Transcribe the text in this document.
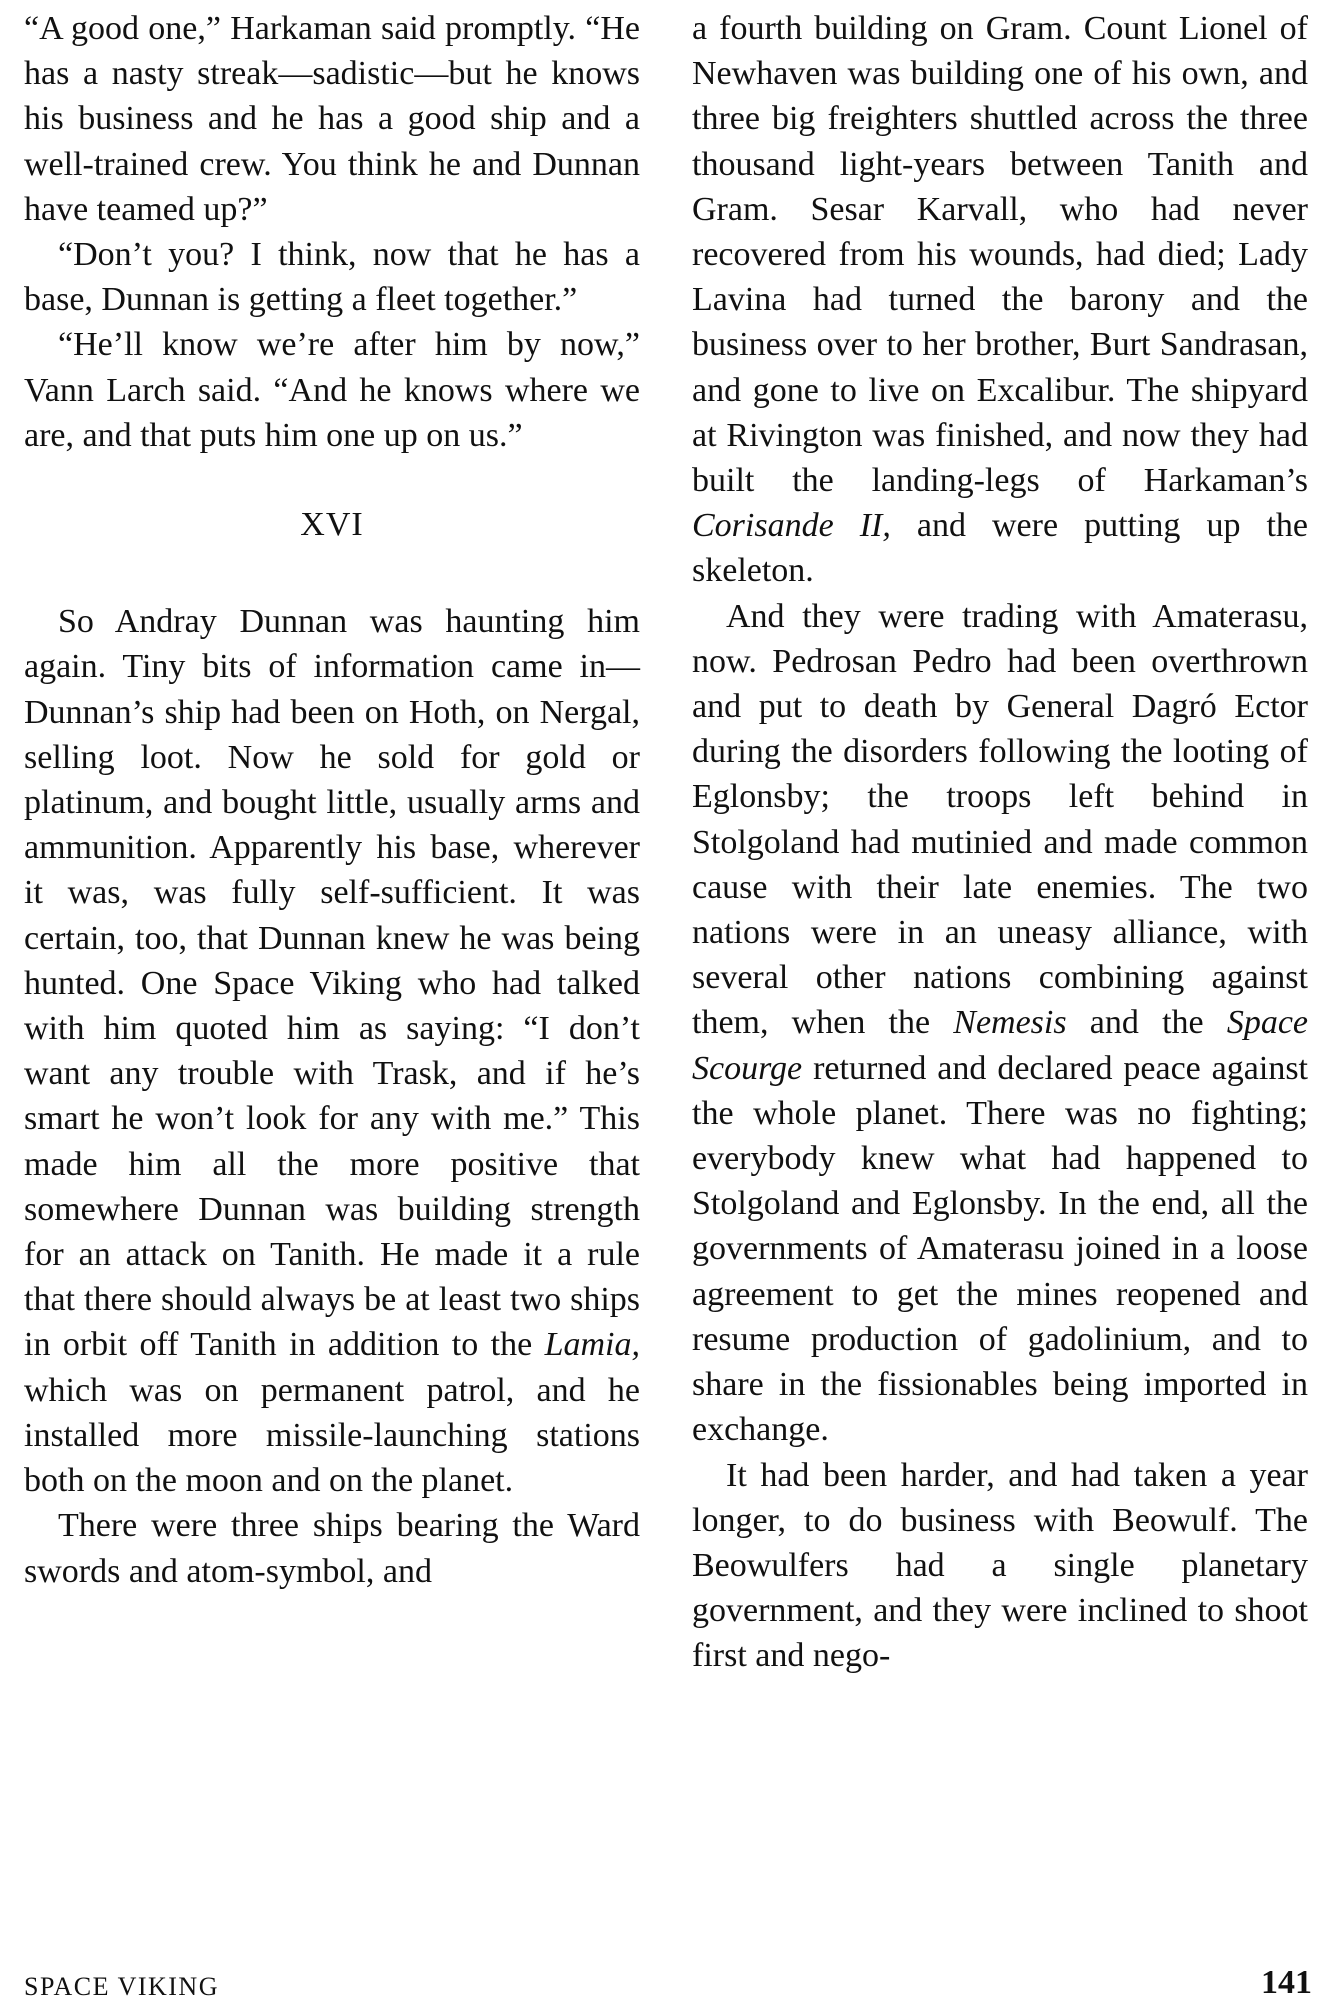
“A good one,” Harkaman said promptly. “He has a nasty streak—sadistic—but he knows his business and he has a good ship and a well-trained crew. You think he and Dunnan have teamed up?”

“Don’t you? I think, now that he has a base, Dunnan is getting a fleet together.”

“He’ll know we’re after him by now,” Vann Larch said. “And he knows where we are, and that puts him one up on us.”

XVI

So Andray Dunnan was haunting him again. Tiny bits of information came in—Dunnan’s ship had been on Hoth, on Nergal, selling loot. Now he sold for gold or platinum, and bought little, usually arms and ammunition. Apparently his base, wherever it was, was fully self-sufficient. It was certain, too, that Dunnan knew he was being hunted. One Space Viking who had talked with him quoted him as saying: “I don’t want any trouble with Trask, and if he’s smart he won’t look for any with me.” This made him all the more positive that somewhere Dunnan was building strength for an attack on Tanith. He made it a rule that there should always be at least two ships in orbit off Tanith in addition to the Lamia, which was on permanent patrol, and he installed more missile-launching stations both on the moon and on the planet.

There were three ships bearing the Ward swords and atom-symbol, and

a fourth building on Gram. Count Lionel of Newhaven was building one of his own, and three big freighters shuttled across the three thousand light-years between Tanith and Gram. Sesar Karvall, who had never recovered from his wounds, had died; Lady Lavina had turned the barony and the business over to her brother, Burt Sandrasan, and gone to live on Excalibur. The shipyard at Rivington was finished, and now they had built the landing-legs of Harkaman’s Corisande II, and were putting up the skeleton.

And they were trading with Amaterasu, now. Pedrosan Pedro had been overthrown and put to death by General Dagró Ector during the disorders following the looting of Eglonsby; the troops left behind in Stolgoland had mutinied and made common cause with their late enemies. The two nations were in an uneasy alliance, with several other nations combining against them, when the Nemesis and the Space Scourge returned and declared peace against the whole planet. There was no fighting; everybody knew what had happened to Stolgoland and Eglonsby. In the end, all the governments of Amaterasu joined in a loose agreement to get the mines reopened and resume production of gadolinium, and to share in the fissionables being imported in exchange.

It had been harder, and had taken a year longer, to do business with Beowulf. The Beowulfers had a single planetary government, and they were inclined to shoot first and nego-

SPACE VIKING	141
